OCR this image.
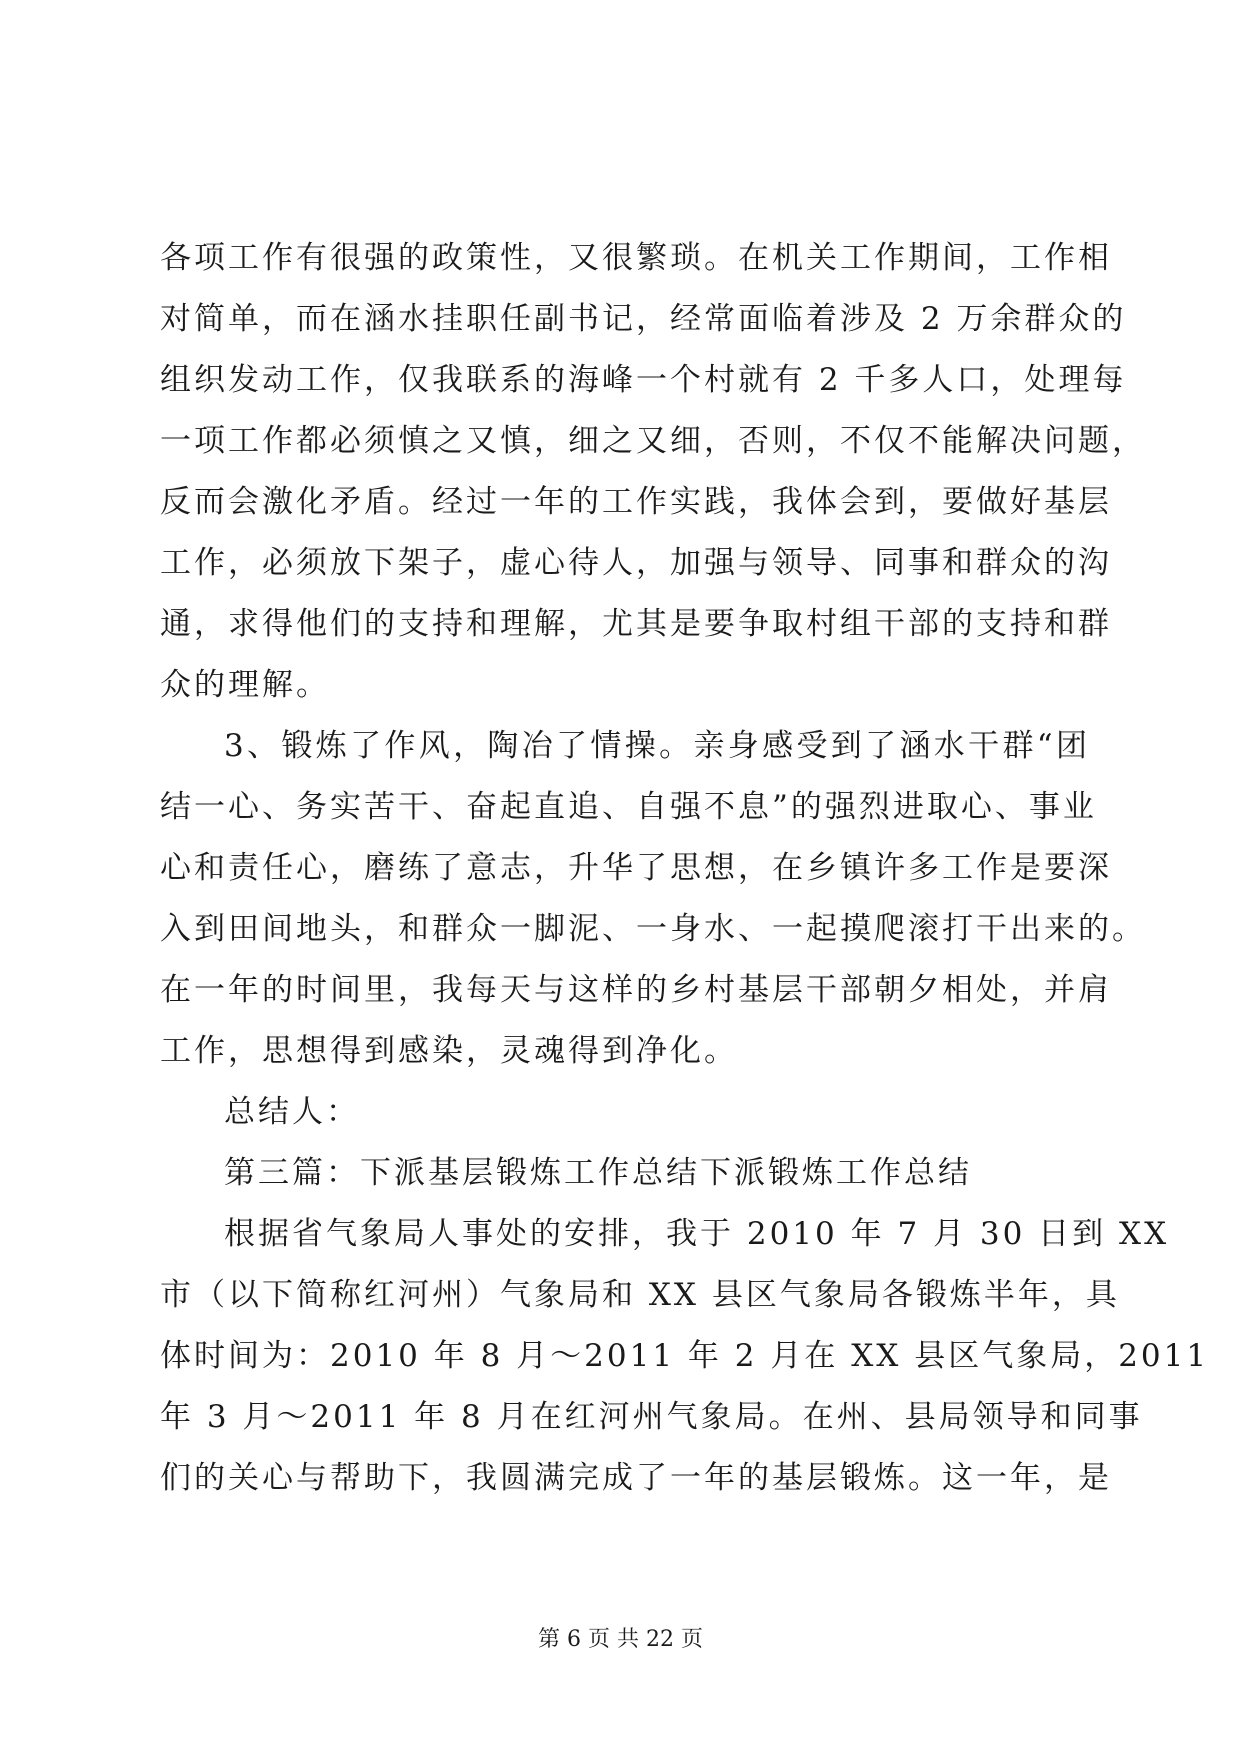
各项工作有很强的政策性，又很繁琐。在机关工作期间，工作相
对简单，而在涵水挂职任副书记，经常面临着涉及 2 万余群众的
组织发动工作，仅我联系的海峰一个村就有 2 千多人口，处理每
一项工作都必须慎之又慎，细之又细，否则，不仅不能解决问题，
反而会激化矛盾。经过一年的工作实践，我体会到，要做好基层
工作，必须放下架子，虚心待人，加强与领导、同事和群众的沟
通，求得他们的支持和理解，尤其是要争取村组干部的支持和群
众的理解。
3、锻炼了作风，陶冶了情操。亲身感受到了涵水干群“团
结一心、务实苦干、奋起直追、自强不息”的强烈进取心、事业
心和责任心，磨练了意志，升华了思想，在乡镇许多工作是要深
入到田间地头，和群众一脚泥、一身水、一起摸爬滚打干出来的。
在一年的时间里，我每天与这样的乡村基层干部朝夕相处，并肩
工作，思想得到感染，灵魂得到净化。
总结人：
第三篇：下派基层锻炼工作总结下派锻炼工作总结
根据省气象局人事处的安排，我于 2010 年 7 月 30 日到 XX
市（以下简称红河州）气象局和 XX 县区气象局各锻炼半年，具
体时间为：2010 年 8 月～2011 年 2 月在 XX 县区气象局，2011
年 3 月～2011 年 8 月在红河州气象局。在州、县局领导和同事
们的关心与帮助下，我圆满完成了一年的基层锻炼。这一年，是
第 6 页 共 22 页
